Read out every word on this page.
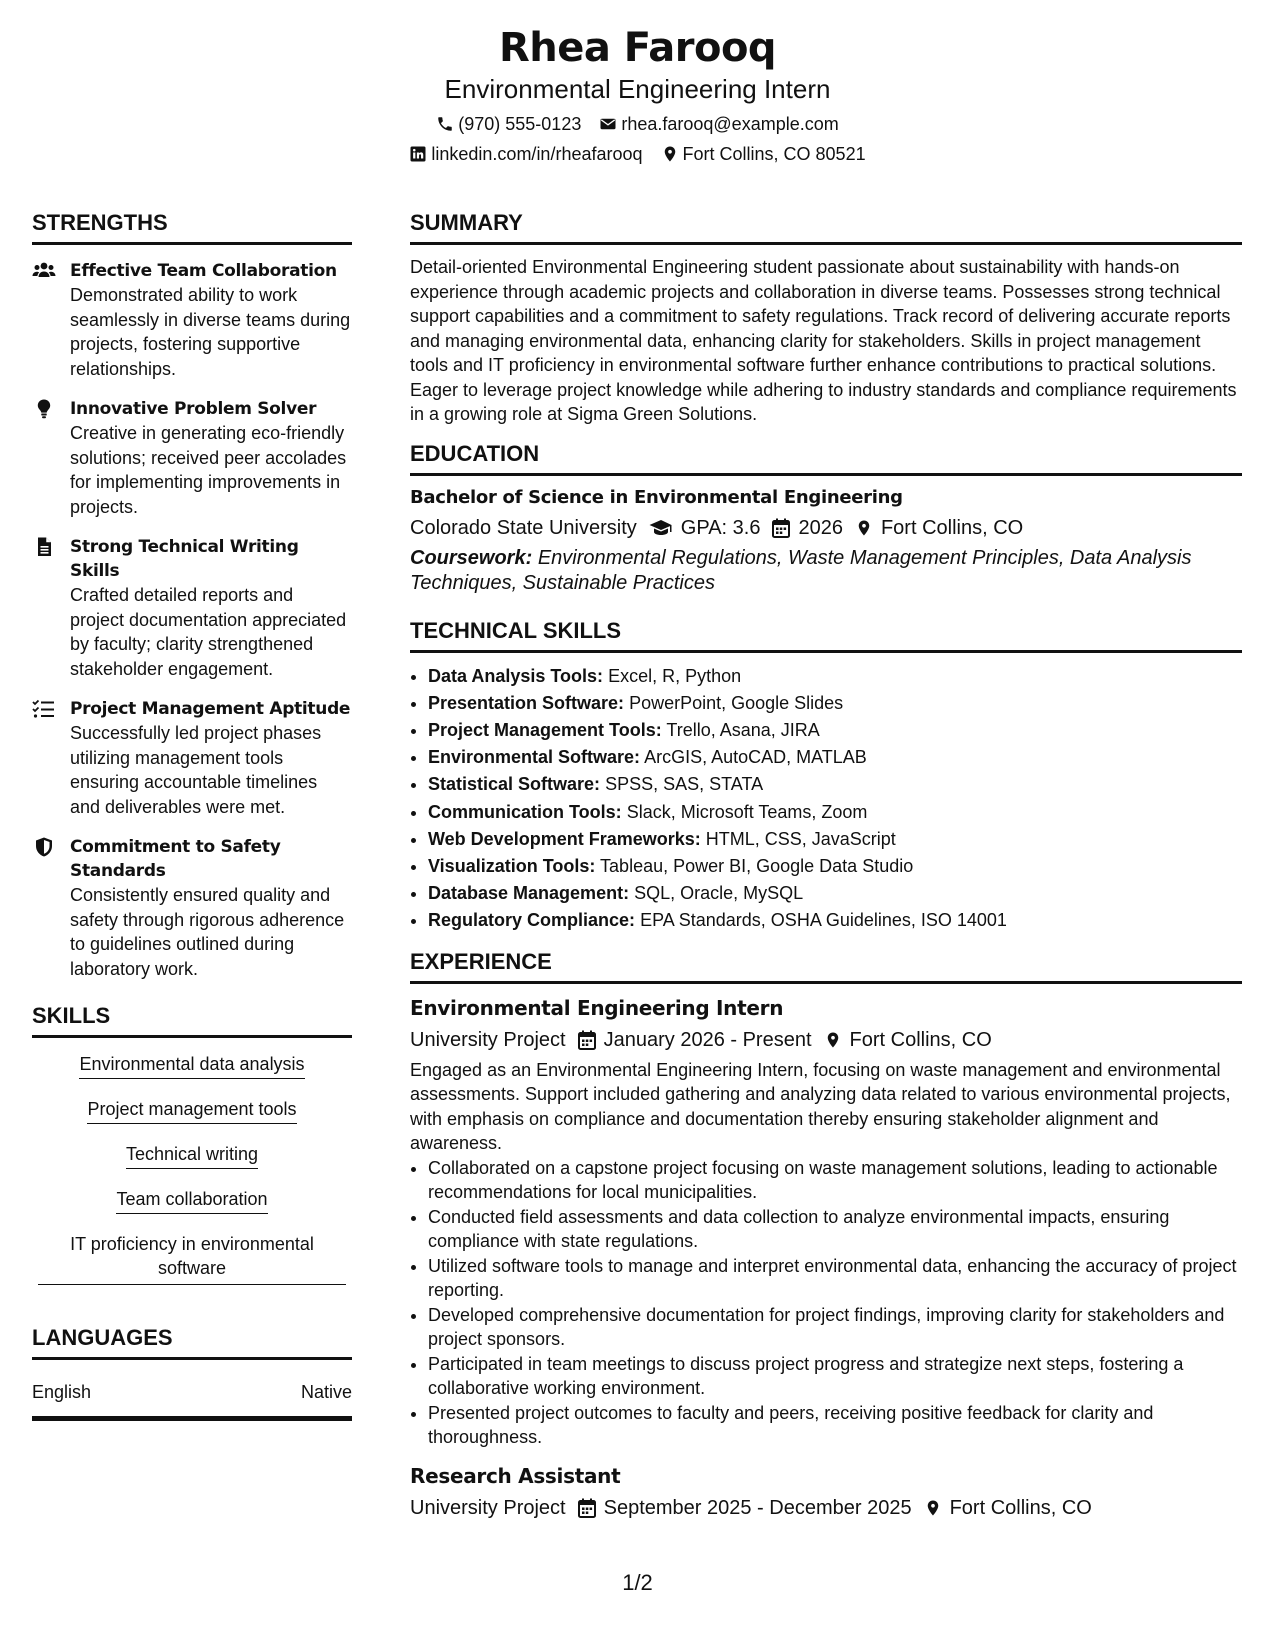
Rhea Farooq
Environmental Engineering Intern
(970) 555-0123 rhea.farooq@example.com
linkedin.com/in/rheafarooq Fort Collins, CO 80521
STRENGTHS
Effective Team Collaboration
Demonstrated ability to work seamlessly in diverse teams during projects, fostering supportive relationships.
Innovative Problem Solver
Creative in generating eco-friendly solutions; received peer accolades for implementing improvements in projects.
Strong Technical Writing Skills
Crafted detailed reports and project documentation appreciated by faculty; clarity strengthened stakeholder engagement.
Project Management Aptitude
Successfully led project phases utilizing management tools ensuring accountable timelines and deliverables were met.
Commitment to Safety Standards
Consistently ensured quality and safety through rigorous adherence to guidelines outlined during laboratory work.
SKILLS
Environmental data analysis
Project management tools
Technical writing
Team collaboration
IT proficiency in environmental software
LANGUAGES
English	Native
SUMMARY
Detail-oriented Environmental Engineering student passionate about sustainability with hands-on experience through academic projects and collaboration in diverse teams. Possesses strong technical support capabilities and a commitment to safety regulations. Track record of delivering accurate reports and managing environmental data, enhancing clarity for stakeholders. Skills in project management tools and IT proficiency in environmental software further enhance contributions to practical solutions. Eager to leverage project knowledge while adhering to industry standards and compliance requirements in a growing role at Sigma Green Solutions.
EDUCATION
Bachelor of Science in Environmental Engineering
Colorado State University GPA: 3.6 2026 Fort Collins, CO
Coursework: Environmental Regulations, Waste Management Principles, Data Analysis Techniques, Sustainable Practices
TECHNICAL SKILLS
• Data Analysis Tools: Excel, R, Python
• Presentation Software: PowerPoint, Google Slides
• Project Management Tools: Trello, Asana, JIRA
• Environmental Software: ArcGIS, AutoCAD, MATLAB
• Statistical Software: SPSS, SAS, STATA
• Communication Tools: Slack, Microsoft Teams, Zoom
• Web Development Frameworks: HTML, CSS, JavaScript
• Visualization Tools: Tableau, Power BI, Google Data Studio
• Database Management: SQL, Oracle, MySQL
• Regulatory Compliance: EPA Standards, OSHA Guidelines, ISO 14001
EXPERIENCE
Environmental Engineering Intern
University Project January 2026 - Present Fort Collins, CO
Engaged as an Environmental Engineering Intern, focusing on waste management and environmental assessments. Support included gathering and analyzing data related to various environmental projects, with emphasis on compliance and documentation thereby ensuring stakeholder alignment and awareness.
• Collaborated on a capstone project focusing on waste management solutions, leading to actionable recommendations for local municipalities.
• Conducted field assessments and data collection to analyze environmental impacts, ensuring compliance with state regulations.
• Utilized software tools to manage and interpret environmental data, enhancing the accuracy of project reporting.
• Developed comprehensive documentation for project findings, improving clarity for stakeholders and project sponsors.
• Participated in team meetings to discuss project progress and strategize next steps, fostering a collaborative working environment.
• Presented project outcomes to faculty and peers, receiving positive feedback for clarity and thoroughness.
Research Assistant
University Project September 2025 - December 2025 Fort Collins, CO
1/2
